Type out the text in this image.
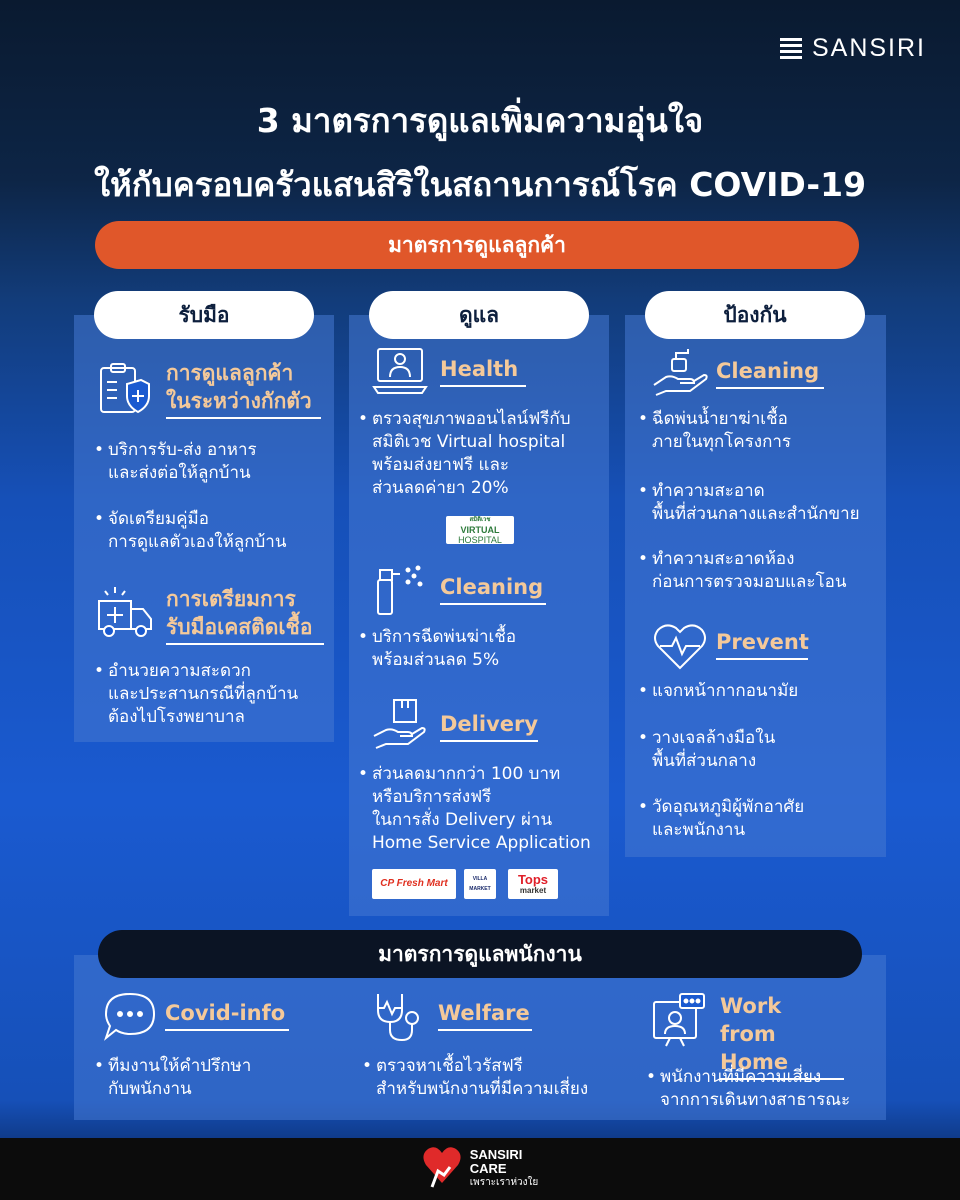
SANSIRI
3 มาตรการดูแลเพิ่มความอุ่นใจ
ให้กับครอบครัวแสนสิริในสถานการณ์โรค COVID-19
มาตรการดูแลลูกค้า
รับมือ	ดูแล	ป้องกัน
การดูแลลูกค้า
ในระหว่างกักตัว
• บริการรับ-ส่ง อาหาร
และส่งต่อให้ลูกบ้าน
• จัดเตรียมคู่มือ
การดูแลตัวเองให้ลูกบ้าน
การเตรียมการ
รับมือเคสติดเชื้อ
• อำนวยความสะดวก
และประสานกรณีที่ลูกบ้าน
ต้องไปโรงพยาบาล
Health
• ตรวจสุขภาพออนไลน์ฟรีกับ
สมิติเวช Virtual hospital
พร้อมส่งยาฟรี และ
ส่วนลดค่ายา 20%
สมิติเวช
VIRTUAL
HOSPITAL
Cleaning
• บริการฉีดพ่นฆ่าเชื้อ
พร้อมส่วนลด 5%
Delivery
• ส่วนลดมากกว่า 100 บาท
หรือบริการส่งฟรี
ในการสั่ง Delivery ผ่าน
Home Service Application
CP Fresh Mart	VILLA MARKET
Tops
market
Cleaning
• ฉีดพ่นน้ำยาฆ่าเชื้อ
ภายในทุกโครงการ
• ทำความสะอาด
พื้นที่ส่วนกลางและสำนักขาย
• ทำความสะอาดห้อง
ก่อนการตรวจมอบและโอน
Prevent
• แจกหน้ากากอนามัย
• วางเจลล้างมือใน
พื้นที่ส่วนกลาง
• วัดอุณหภูมิผู้พักอาศัย
และพนักงาน
มาตรการดูแลพนักงาน
Covid-info
• ทีมงานให้คำปรึกษา
กับพนักงาน
Welfare
• ตรวจหาเชื้อไวรัสฟรี
สำหรับพนักงานที่มีความเสี่ยง
Work
from Home
• พนักงานที่มีความเสี่ยง
จากการเดินทางสาธารณะ
SANSIRI
CARE
เพราะเราห่วงใย
